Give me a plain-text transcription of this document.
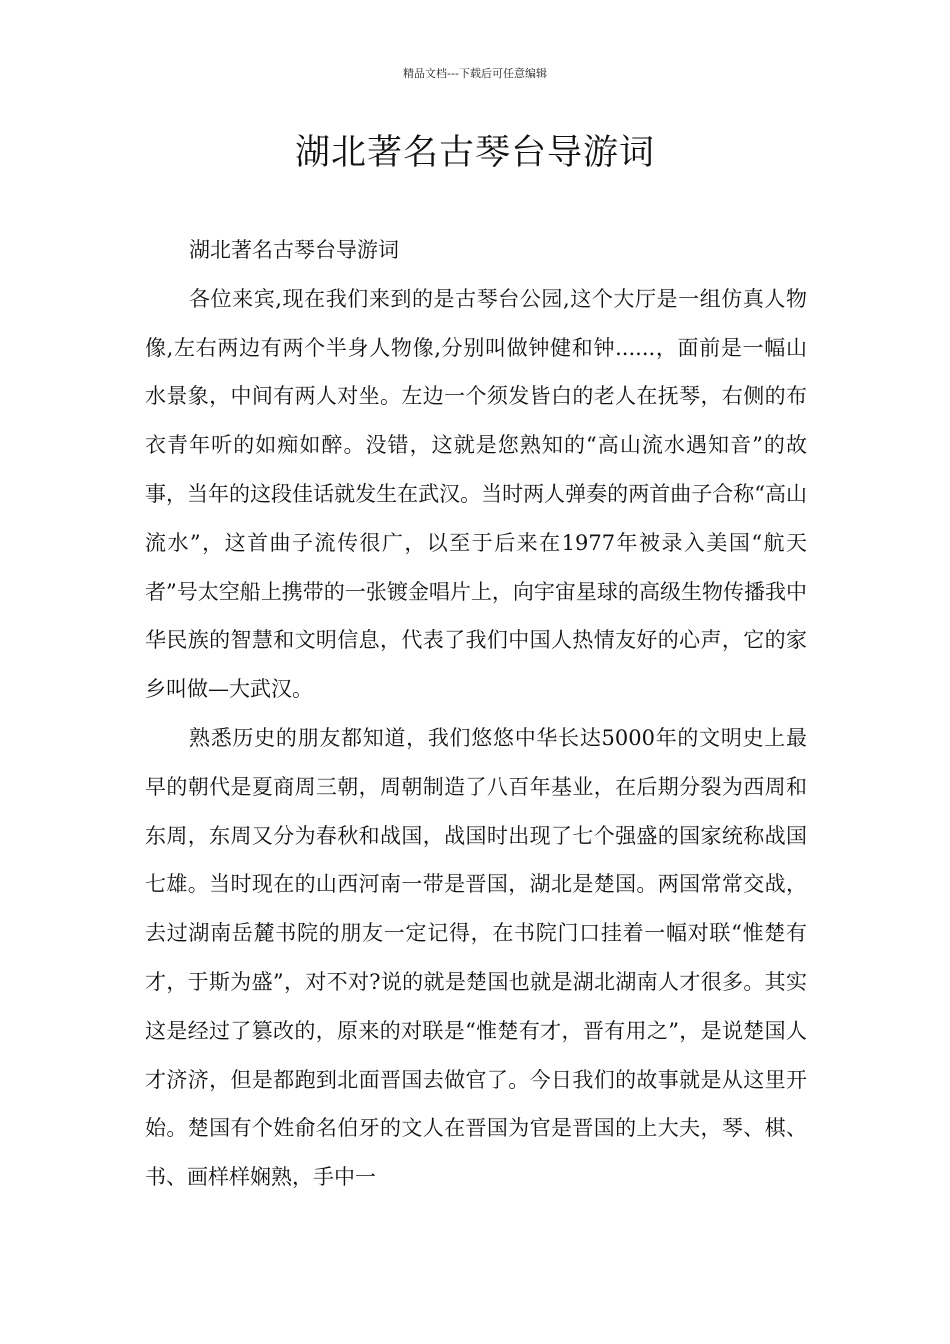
精品文档---下载后可任意编辑
湖北著名古琴台导游词

湖北著名古琴台导游词

各位来宾,现在我们来到的是古琴台公园,这个大厅是一组仿真人物像,左右两边有两个半身人物像,分别叫做钟健和钟......，面前是一幅山水景象，中间有两人对坐。左边一个须发皆白的老人在抚琴，右侧的布衣青年听的如痴如醉。没错，这就是您熟知的“高山流水遇知音”的故事，当年的这段佳话就发生在武汉。当时两人弹奏的两首曲子合称“高山流水”，这首曲子流传很广，以至于后来在1977年被录入美国“航天者”号太空船上携带的一张镀金唱片上，向宇宙星球的高级生物传播我中华民族的智慧和文明信息，代表了我们中国人热情友好的心声，它的家乡叫做—大武汉。

熟悉历史的朋友都知道，我们悠悠中华长达5000年的文明史上最早的朝代是夏商周三朝，周朝制造了八百年基业，在后期分裂为西周和东周，东周又分为春秋和战国，战国时出现了七个强盛的国家统称战国七雄。当时现在的山西河南一带是晋国，湖北是楚国。两国常常交战，去过湖南岳麓书院的朋友一定记得，在书院门口挂着一幅对联“惟楚有才，于斯为盛”，对不对?说的就是楚国也就是湖北湖南人才很多。其实这是经过了篡改的，原来的对联是“惟楚有才，晋有用之”，是说楚国人才济济，但是都跑到北面晋国去做官了。今日我们的故事就是从这里开始。楚国有个姓俞名伯牙的文人在晋国为官是晋国的上大夫，琴、棋、书、画样样娴熟，手中一
